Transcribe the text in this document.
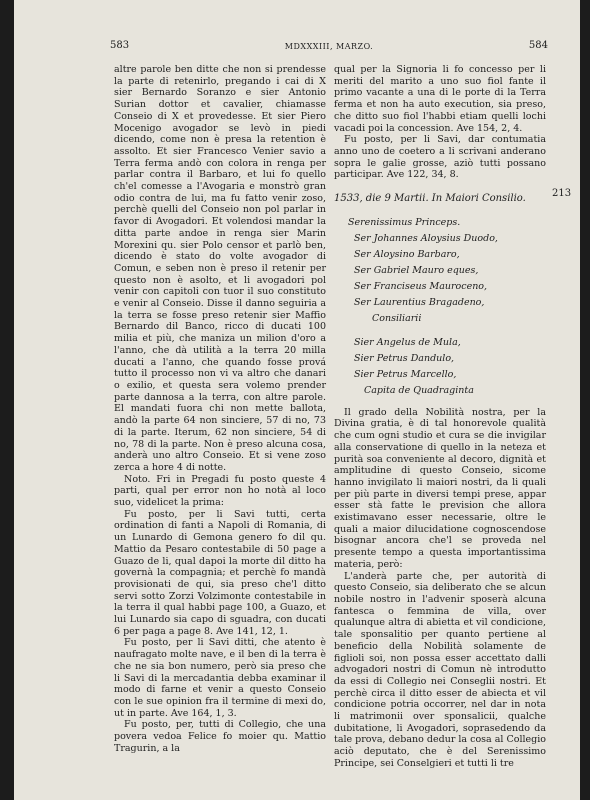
583	MDXXXIII, MARZO.	584
213

altre parole ben ditte che non si prendesse la parte di retenirlo, pregando i cai di X sier Bernardo Soranzo e sier Antonio Surian dottor et cavalier, chiamasse Conseio di X et provedesse. Et sier Piero Mocenigo avogador se levò in piedi dicendo, come non è presa la retention è assolto. Et sier Francesco Venier savio a Terra ferma andò con colora in renga per parlar contra il Barbaro, et lui fo quello ch'el comesse a l'Avogaria e monstrò gran odio contra de lui, ma fu fatto venir zoso, perchè quelli del Conseio non pol parlar in favor di Avogadori. Et volendosi mandar la ditta parte andoe in renga sier Marin Morexini qu. sier Polo censor et parlò ben, dicendo è stato do volte avogador di Comun, e seben non è preso il retenir per questo non è asolto, et li avogadori pol venir con capitoli con tuor il suo constituto e venir al Conseio. Disse il danno seguiria a la terra se fosse preso retenir sier Maffio Bernardo dil Banco, ricco di ducati 100 milia et più, che maniza un milion d'oro a l'anno, che dà utilità a la terra 20 milla ducati a l'anno, che quando fosse prová tutto il processo non vi va altro che danari o exilio, et questa sera volemo prender parte dannosa a la terra, con altre parole. El mandati fuora chi non mette ballota, andò la parte 64 non sinciere, 57 di no, 73 di la parte. Iterum, 62 non sinciere, 54 di no, 78 di la parte. Non è preso alcuna cosa, anderà uno altro Conseio. Et si vene zoso zerca a hore 4 di notte.

Noto. Fri in Pregadi fu posto queste 4 parti, qual per error non ho notà al loco suo, videlicet la prima:

Fu posto, per li Savi tutti, certa ordination di fanti a Napoli di Romania, di un Lunardo di Gemona genero fo dil qu. Mattio da Pesaro contestabile di 50 page a Guazo de li, qual dapoi la morte dil ditto ha governà la compagnia; et perchè fo mandà provisionati de qui, sia preso che'l ditto servi sotto Zorzi Volzimonte contestabile in la terra il qual habbi page 100, a Guazo, et lui Lunardo sia capo di sguadra, con ducati 6 per paga a page 8. Ave 141, 12, 1.

Fu posto, per li Savi ditti, che atento è naufragato molte nave, e il ben di la terra è che ne sia bon numero, però sia preso che li Savi di la mercadantia debba examinar il modo di farne et venir a questo Conseio con le sue opinion fra il termine di mexi do, ut in parte. Ave 164, 1, 3.

Fu posto, per, tutti di Collegio, che una povera vedoa Felice fo moier qu. Mattio Tragurin, a la

qual per la Signoria li fo concesso per li meriti del marito a uno suo fiol fante il primo vacante a una di le porte di la Terra ferma et non ha auto execution, sia preso, che ditto suo fiol l'habbi etiam quelli lochi vacadi poi la concession. Ave 154, 2, 4.

Fu posto, per li Savi, dar contumatia anno uno de coetero a li scrivani anderano sopra le galie grosse, aziò tutti possano participar. Ave 122, 34, 8.

1533, die 9 Martii. In Maiori Consilio.

Serenissimus Princeps.

Ser Johannes Aloysius Duodo,

Ser Aloysino Barbaro,

Ser Gabriel Mauro eques,

Ser Franciseus Mauroceno,

Ser Laurentius Bragadeno,

Consiliarii

Sier Angelus de Mula,

Sier Petrus Dandulo,

Sier Petrus Marcello,

Capita de Quadraginta

Il grado della Nobilità nostra, per la Divina gratia, è di tal honorevole qualità che cum ogni studio et cura se die invigilar alla conservatione di quello in la neteza et purità soa conveniente al decoro, dignità et amplitudine di questo Conseio, sicome hanno invigilato li maiori nostri, da li quali per più parte in diversi tempi prese, appar esser stà fatte le prevision che allora existimavano esser necessarie, oltre le quali a maior dilucidatione cognoscendose bisognar ancora che'l se proveda nel presente tempo a questa importantissima materia, però:

L'anderà parte che, per autorità di questo Conseio, sia deliberato che se alcun nobile nostro in l'advenir sposerà alcuna fantesca o femmina de villa, over qualunque altra di abietta et vil condicione, tale sponsalitio per quanto pertiene al beneficio della Nobilità solamente de figlioli soi, non possa esser accettato dalli advogadori nostri di Comun nè introdutto da essi di Collegio nei Conseglii nostri. Et perchè circa il ditto esser de abiecta et vil condicione potria occorrer, nel dar in nota li matrimonii over sponsalicii, qualche dubitatione, li Avogadori, soprasedendo da tale prova, debano dedur la cosa al Collegio aciò deputato, che è del Serenissimo Principe, sei Conselgieri et tutti li tre
